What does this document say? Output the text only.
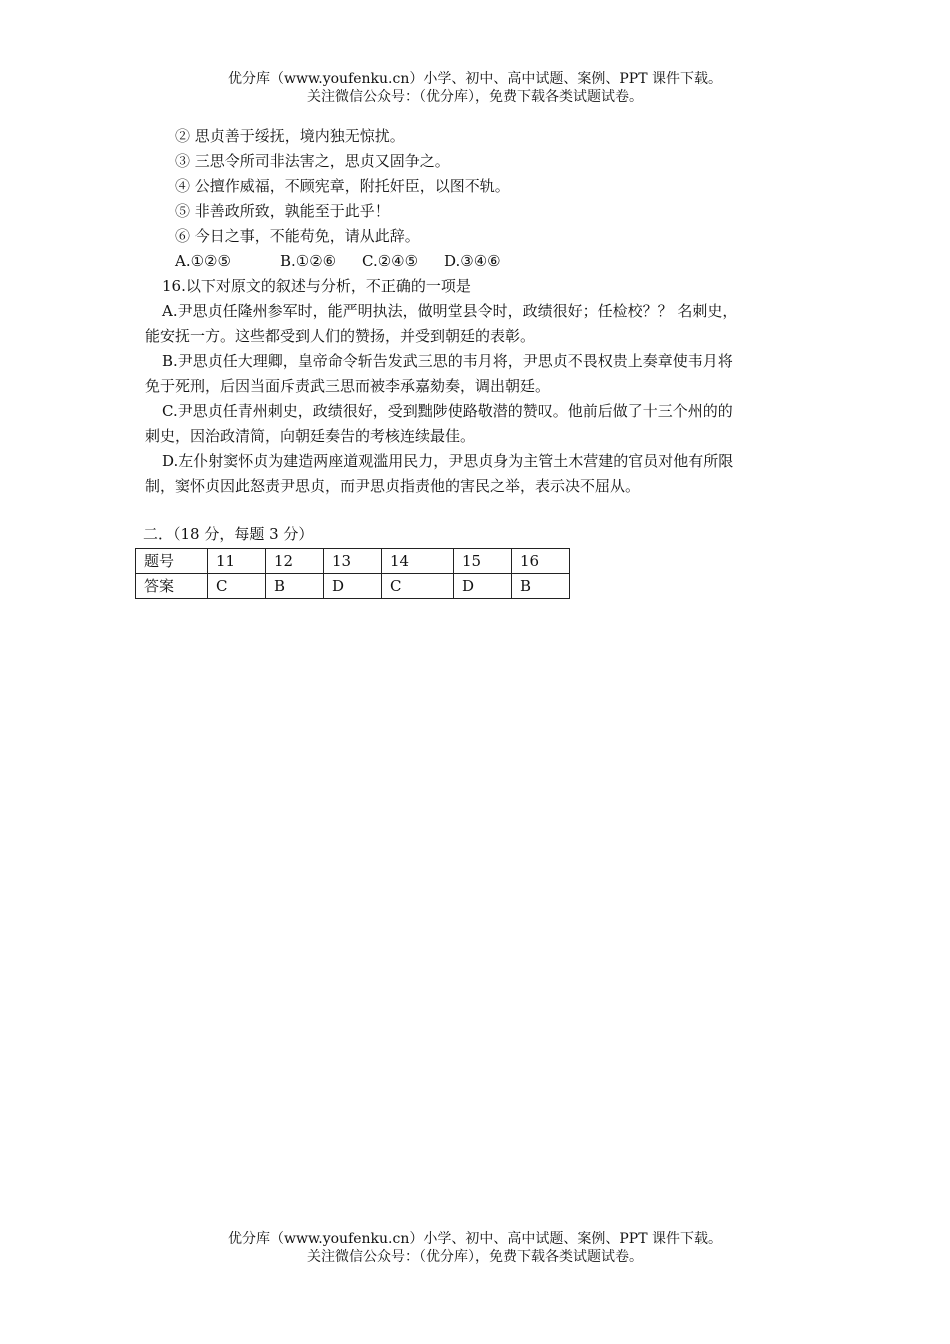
优分库（www.youfenku.cn）小学、初中、高中试题、案例、PPT 课件下载。
关注微信公众号：（优分库），免费下载各类试题试卷。
② 思贞善于绥抚，境内独无惊扰。
③ 三思令所司非法害之，思贞又固争之。
④ 公擅作威福，不顾宪章，附托奸臣，以图不轨。
⑤ 非善政所致，孰能至于此乎！
⑥ 今日之事，不能苟免，请从此辞。
A.①②⑤	B.①②⑥ C.②④⑤ D.③④⑥
16.以下对原文的叙述与分析，不正确的一项是
A.尹思贞任隆州参军时，能严明执法，做明堂县令时，政绩很好；任检校？？ 名刺史，
能安抚一方。这些都受到人们的赞扬，并受到朝廷的表彰。
B.尹思贞任大理卿，皇帝命令斩告发武三思的韦月将，尹思贞不畏权贵上奏章使韦月将
免于死刑，后因当面斥责武三思而被李承嘉劾奏，调出朝廷。
C.尹思贞任青州刺史，政绩很好，受到黜陟使路敬潜的赞叹。他前后做了十三个州的的
刺史，因治政清简，向朝廷奏告的考核连续最佳。
D.左仆射窦怀贞为建造两座道观滥用民力，尹思贞身为主管土木营建的官员对他有所限
制，窦怀贞因此怒责尹思贞，而尹思贞指责他的害民之举，表示决不屈从。
二．（18 分，每题 3 分）
题号	11	12	13	14	15	16
答案	C	B	D	C	D	B
优分库（www.youfenku.cn）小学、初中、高中试题、案例、PPT 课件下载。
关注微信公众号：（优分库），免费下载各类试题试卷。
